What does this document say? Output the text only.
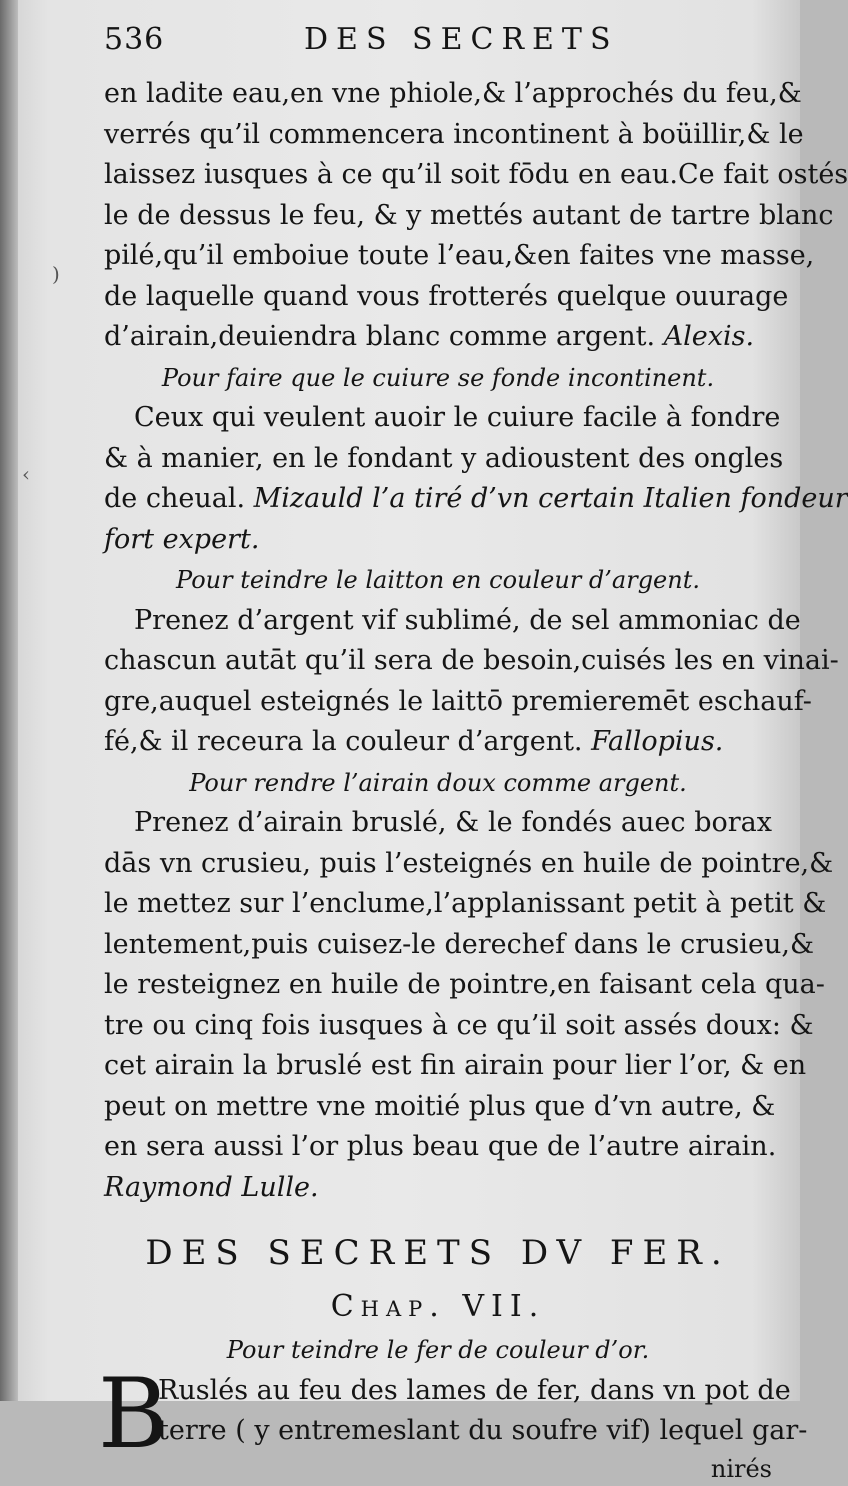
)
‹
536	DES SECRETS
en ladite eau,en vne phiole,& l’approchés du feu,&
verrés qu’il commencera incontinent à boüillir,& le
laissez iusques à ce qu’il soit fōdu en eau.Ce fait ostés
le de dessus le feu, & y mettés autant de tartre blanc
pilé,qu’il emboiue toute l’eau,&en faites vne masse,
de laquelle quand vous frotterés quelque ouurage
d’airain,deuiendra blanc comme argent. Alexis.
Pour faire que le cuiure se fonde incontinent.
Ceux qui veulent auoir le cuiure facile à fondre
& à manier, en le fondant y adioustent des ongles
de cheual. Mizauld l’a tiré d’vn certain Italien fondeur
fort expert.
Pour teindre le laitton en couleur d’argent.
Prenez d’argent vif sublimé, de sel ammoniac de
chascun autāt qu’il sera de besoin,cuisés les en vinai-
gre,auquel esteignés le laittō premieremēt eschauf-
fé,& il receura la couleur d’argent. Fallopius.
Pour rendre l’airain doux comme argent.
Prenez d’airain bruslé, & le fondés auec borax
dās vn crusieu, puis l’esteignés en huile de pointre,&
le mettez sur l’enclume,l’applanissant petit à petit &
lentement,puis cuisez-le derechef dans le crusieu,&
le resteignez en huile de pointre,en faisant cela qua-
tre ou cinq fois iusques à ce qu’il soit assés doux: &
cet airain la bruslé est fin airain pour lier l’or, & en
peut on mettre vne moitié plus que d’vn autre, &
en sera aussi l’or plus beau que de l’autre airain.
Raymond Lulle.
DES SECRETS DV FER.
Chap. VII.
Pour teindre le fer de couleur d’or.
B
Ruslés au feu des lames de fer, dans vn pot de
terre ( y entremeslant du soufre vif) lequel gar-
nirés
